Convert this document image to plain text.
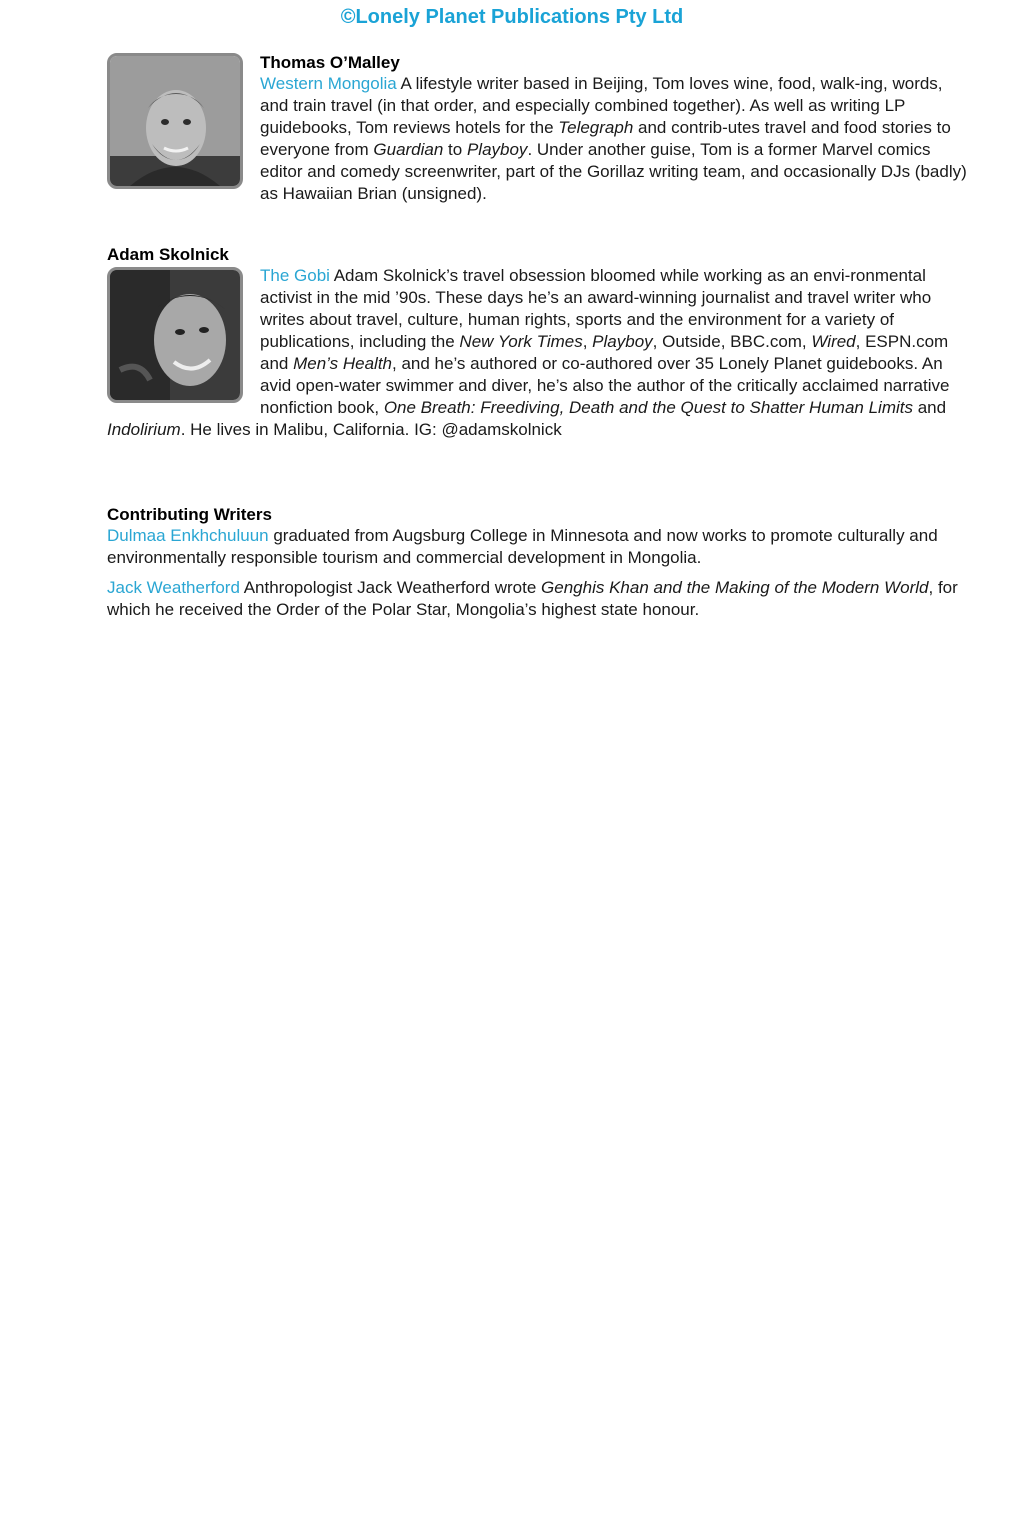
©Lonely Planet Publications Pty Ltd
Thomas O’Malley

Western Mongolia A lifestyle writer based in Beijing, Tom loves wine, food, walk-ing, words, and train travel (in that order, and especially combined together). As well as writing LP guidebooks, Tom reviews hotels for the Telegraph and contrib-utes travel and food stories to everyone from Guardian to Playboy. Under another guise, Tom is a former Marvel comics editor and comedy screenwriter, part of the Gorillaz writing team, and occasionally DJs (badly) as Hawaiian Brian (unsigned).

Adam Skolnick

The Gobi Adam Skolnick’s travel obsession bloomed while working as an envi-ronmental activist in the mid ’90s. These days he’s an award-winning journalist and travel writer who writes about travel, culture, human rights, sports and the environment for a variety of publications, including the New York Times, Playboy, Outside, BBC.com, Wired, ESPN.com and Men’s Health, and he’s authored or co-authored over 35 Lonely Planet guidebooks. An avid open-water swimmer and diver, he’s also the author of the critically acclaimed narrative nonfiction book, One Breath: Freediving, Death and the Quest to Shatter Human Limits and Indolirium. He lives in Malibu, California. IG: @adamskolnick

Contributing Writers

Dulmaa Enkhchuluun graduated from Augsburg College in Minnesota and now works to promote culturally and environmentally responsible tourism and commercial development in Mongolia.

Jack Weatherford Anthropologist Jack Weatherford wrote Genghis Khan and the Making of the Modern World, for which he received the Order of the Polar Star, Mongolia’s highest state honour.
